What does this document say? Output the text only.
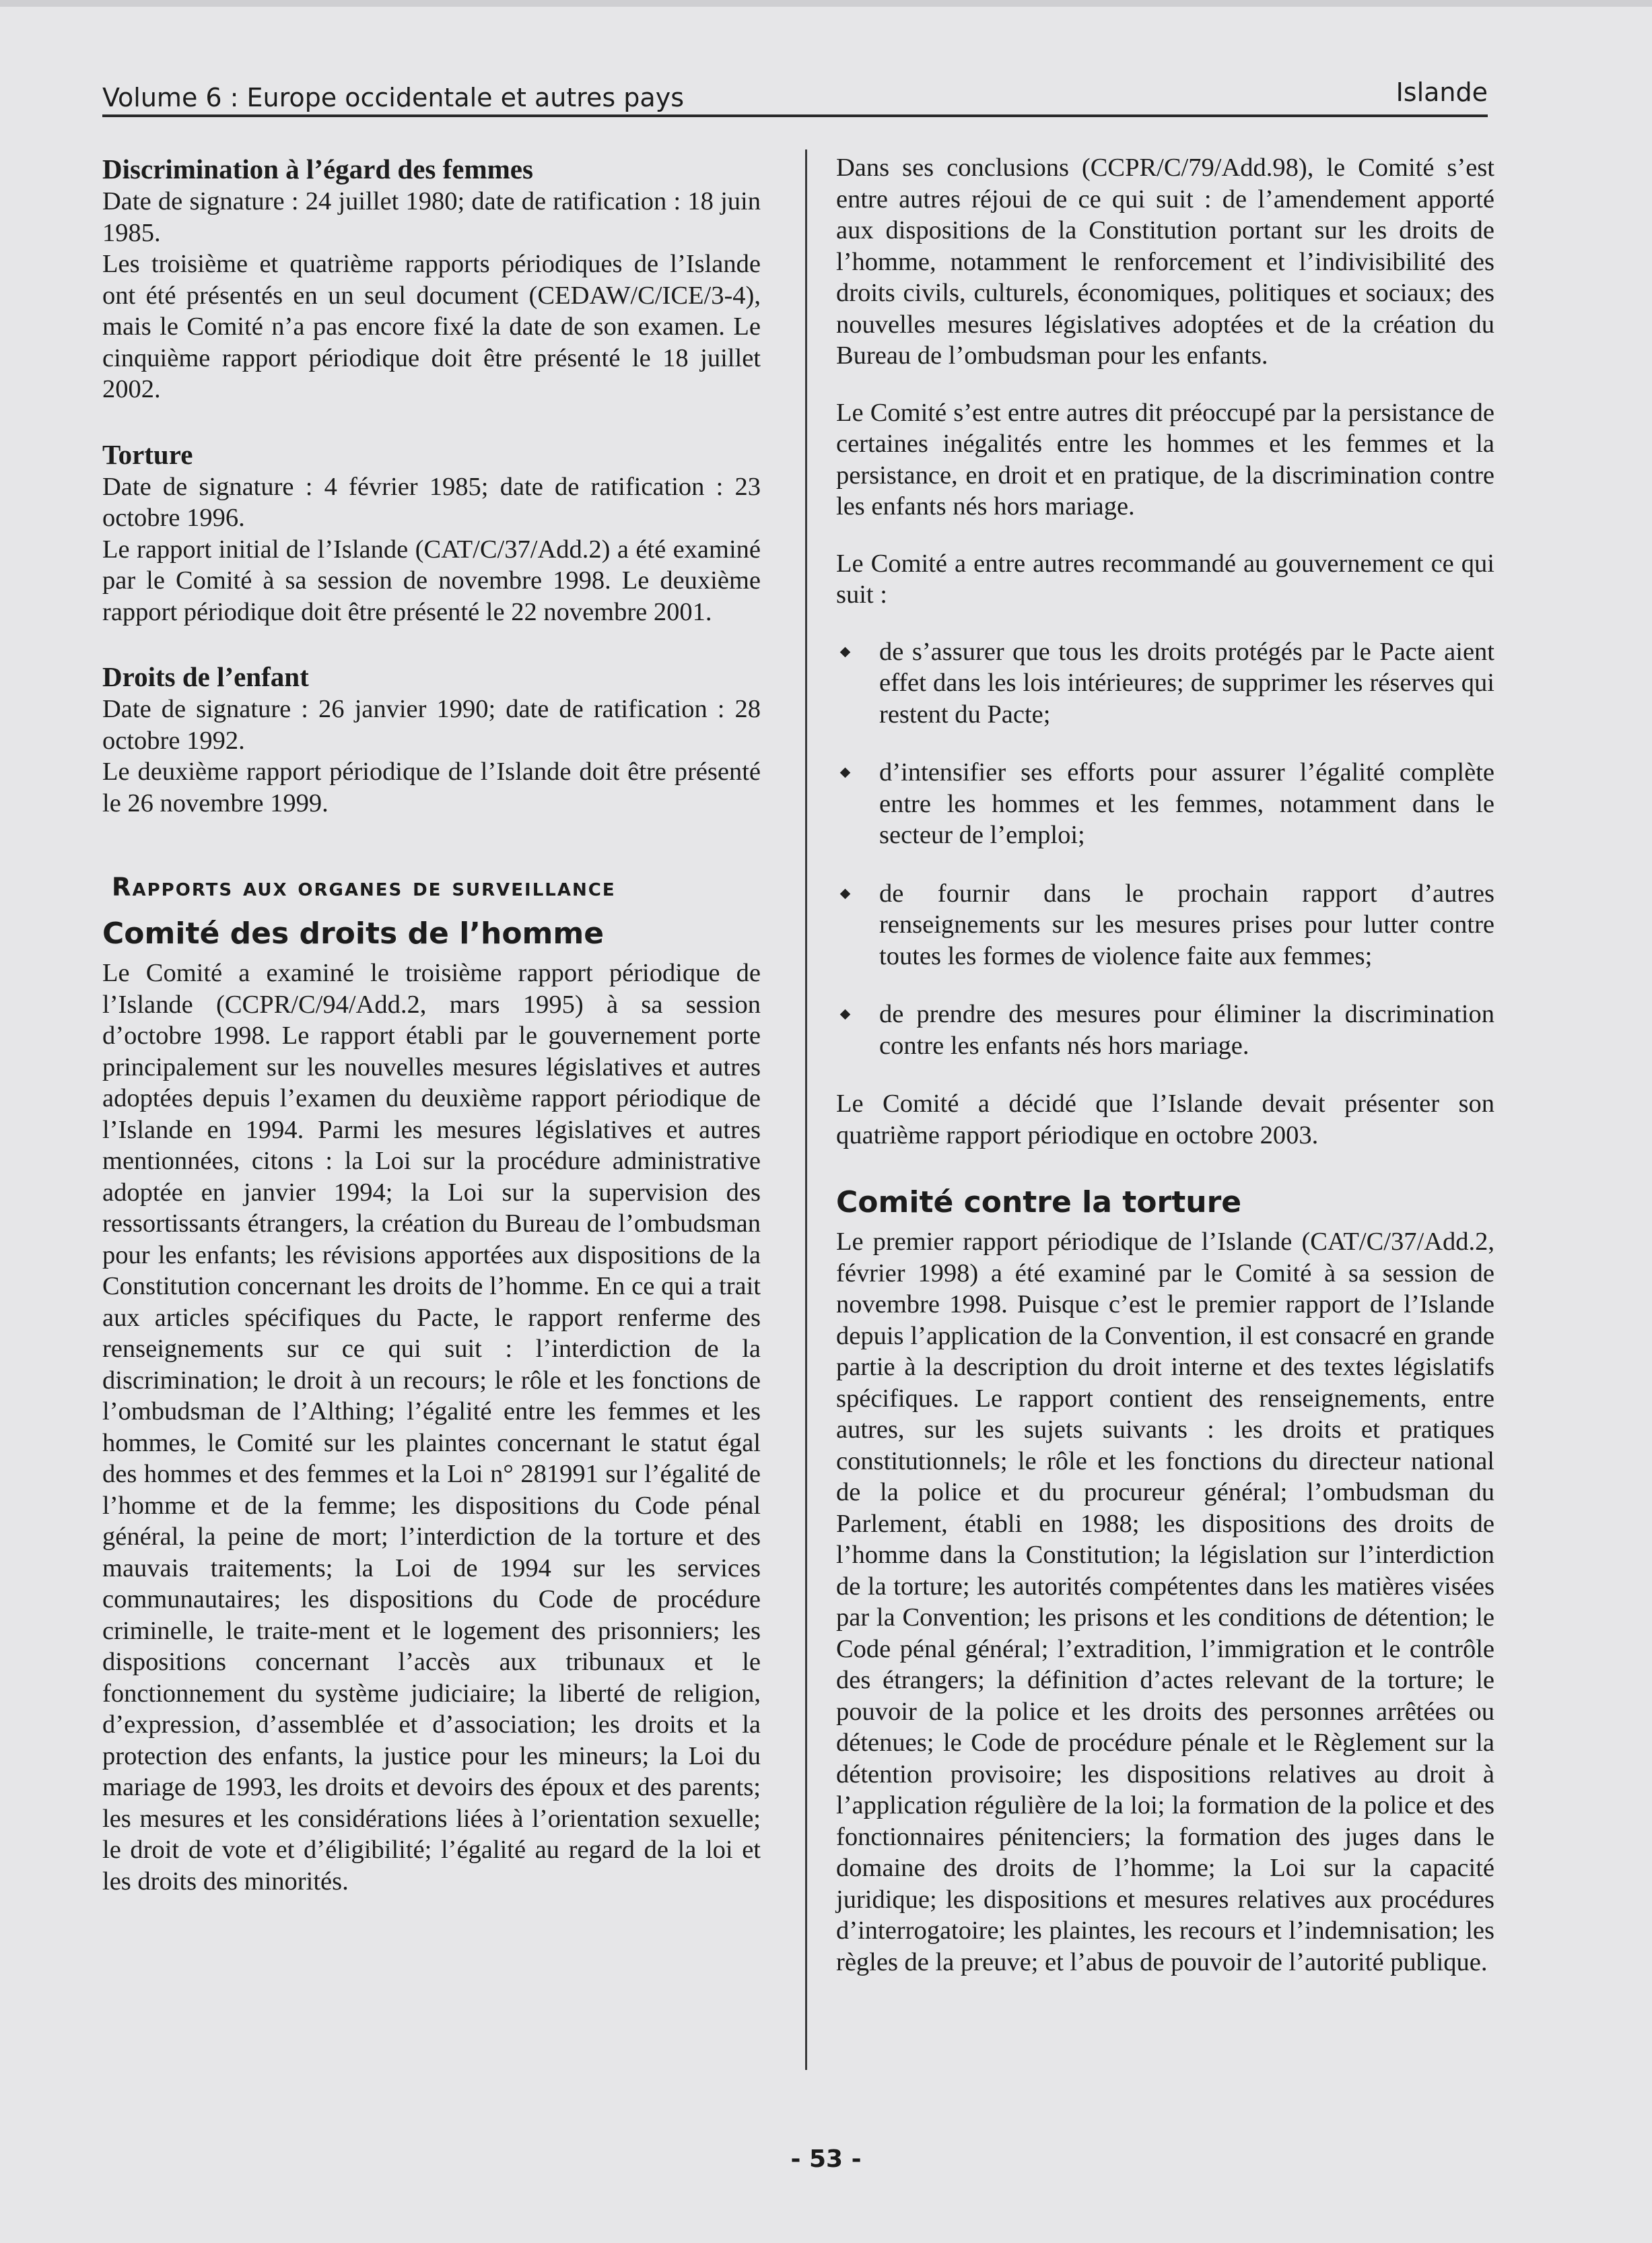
Volume 6 : Europe occidentale et autres pays	Islande
Discrimination à l’égard des femmes

Date de signature : 24 juillet 1980; date de ratification : 18 juin 1985.

Les troisième et quatrième rapports périodiques de l’Islande ont été présentés en un seul document (CEDAW/C/ICE/3-4), mais le Comité n’a pas encore fixé la date de son examen. Le cinquième rapport périodique doit être présenté le 18 juillet 2002.

Torture

Date de signature : 4 février 1985; date de ratification : 23 octobre 1996.

Le rapport initial de l’Islande (CAT/C/37/Add.2) a été examiné par le Comité à sa session de novembre 1998. Le deuxième rapport périodique doit être présenté le 22 novembre 2001.

Droits de l’enfant

Date de signature : 26 janvier 1990; date de ratification : 28 octobre 1992.

Le deuxième rapport périodique de l’Islande doit être présenté le 26 novembre 1999.

Rapports aux organes de surveillance
Comité des droits de l’homme

Le Comité a examiné le troisième rapport périodique de l’Islande (CCPR/C/94/Add.2, mars 1995) à sa session d’octobre 1998. Le rapport établi par le gouvernement porte principalement sur les nouvelles mesures législatives et autres adoptées depuis l’examen du deuxième rapport périodique de l’Islande en 1994. Parmi les mesures législatives et autres mentionnées, citons : la Loi sur la procédure administrative adoptée en janvier 1994; la Loi sur la supervision des ressortissants étrangers, la création du Bureau de l’ombudsman pour les enfants; les révisions apportées aux dispositions de la Constitution concernant les droits de l’homme. En ce qui a trait aux articles spécifiques du Pacte, le rapport renferme des renseignements sur ce qui suit : l’interdiction de la discrimination; le droit à un recours; le rôle et les fonctions de l’ombudsman de l’Althing; l’égalité entre les femmes et les hommes, le Comité sur les plaintes concernant le statut égal des hommes et des femmes et la Loi n° 281991 sur l’égalité de l’homme et de la femme; les dispositions du Code pénal général, la peine de mort; l’interdiction de la torture et des mauvais traitements; la Loi de 1994 sur les services communautaires; les dispositions du Code de procédure criminelle, le traite-ment et le logement des prisonniers; les dispositions concernant l’accès aux tribunaux et le fonctionnement du système judiciaire; la liberté de religion, d’expression, d’assemblée et d’association; les droits et la protection des enfants, la justice pour les mineurs; la Loi du mariage de 1993, les droits et devoirs des époux et des parents; les mesures et les considérations liées à l’orientation sexuelle; le droit de vote et d’éligibilité; l’égalité au regard de la loi et les droits des minorités.

Dans ses conclusions (CCPR/C/79/Add.98), le Comité s’est entre autres réjoui de ce qui suit : de l’amendement apporté aux dispositions de la Constitution portant sur les droits de l’homme, notamment le renforcement et l’indivisibilité des droits civils, culturels, économiques, politiques et sociaux; des nouvelles mesures législatives adoptées et de la création du Bureau de l’ombudsman pour les enfants.

Le Comité s’est entre autres dit préoccupé par la persistance de certaines inégalités entre les hommes et les femmes et la persistance, en droit et en pratique, de la discrimination contre les enfants nés hors mariage.

Le Comité a entre autres recommandé au gouvernement ce qui suit :

de s’assurer que tous les droits protégés par le Pacte aient effet dans les lois intérieures; de supprimer les réserves qui restent du Pacte;
d’intensifier ses efforts pour assurer l’égalité complète entre les hommes et les femmes, notamment dans le secteur de l’emploi;
de fournir dans le prochain rapport d’autres renseignements sur les mesures prises pour lutter contre toutes les formes de violence faite aux femmes;
de prendre des mesures pour éliminer la discrimination contre les enfants nés hors mariage.

Le Comité a décidé que l’Islande devait présenter son quatrième rapport périodique en octobre 2003.

Comité contre la torture

Le premier rapport périodique de l’Islande (CAT/C/37/Add.2, février 1998) a été examiné par le Comité à sa session de novembre 1998. Puisque c’est le premier rapport de l’Islande depuis l’application de la Convention, il est consacré en grande partie à la description du droit interne et des textes législatifs spécifiques. Le rapport contient des renseignements, entre autres, sur les sujets suivants : les droits et pratiques constitutionnels; le rôle et les fonctions du directeur national de la police et du procureur général; l’ombudsman du Parlement, établi en 1988; les dispositions des droits de l’homme dans la Constitution; la législation sur l’interdiction de la torture; les autorités compétentes dans les matières visées par la Convention; les prisons et les conditions de détention; le Code pénal général; l’extradition, l’immigration et le contrôle des étrangers; la définition d’actes relevant de la torture; le pouvoir de la police et les droits des personnes arrêtées ou détenues; le Code de procédure pénale et le Règlement sur la détention provisoire; les dispositions relatives au droit à l’application régulière de la loi; la formation de la police et des fonctionnaires pénitenciers; la formation des juges dans le domaine des droits de l’homme; la Loi sur la capacité juridique; les dispositions et mesures relatives aux procédures d’interrogatoire; les plaintes, les recours et l’indemnisation; les règles de la preuve; et l’abus de pouvoir de l’autorité publique.

- 53 -
